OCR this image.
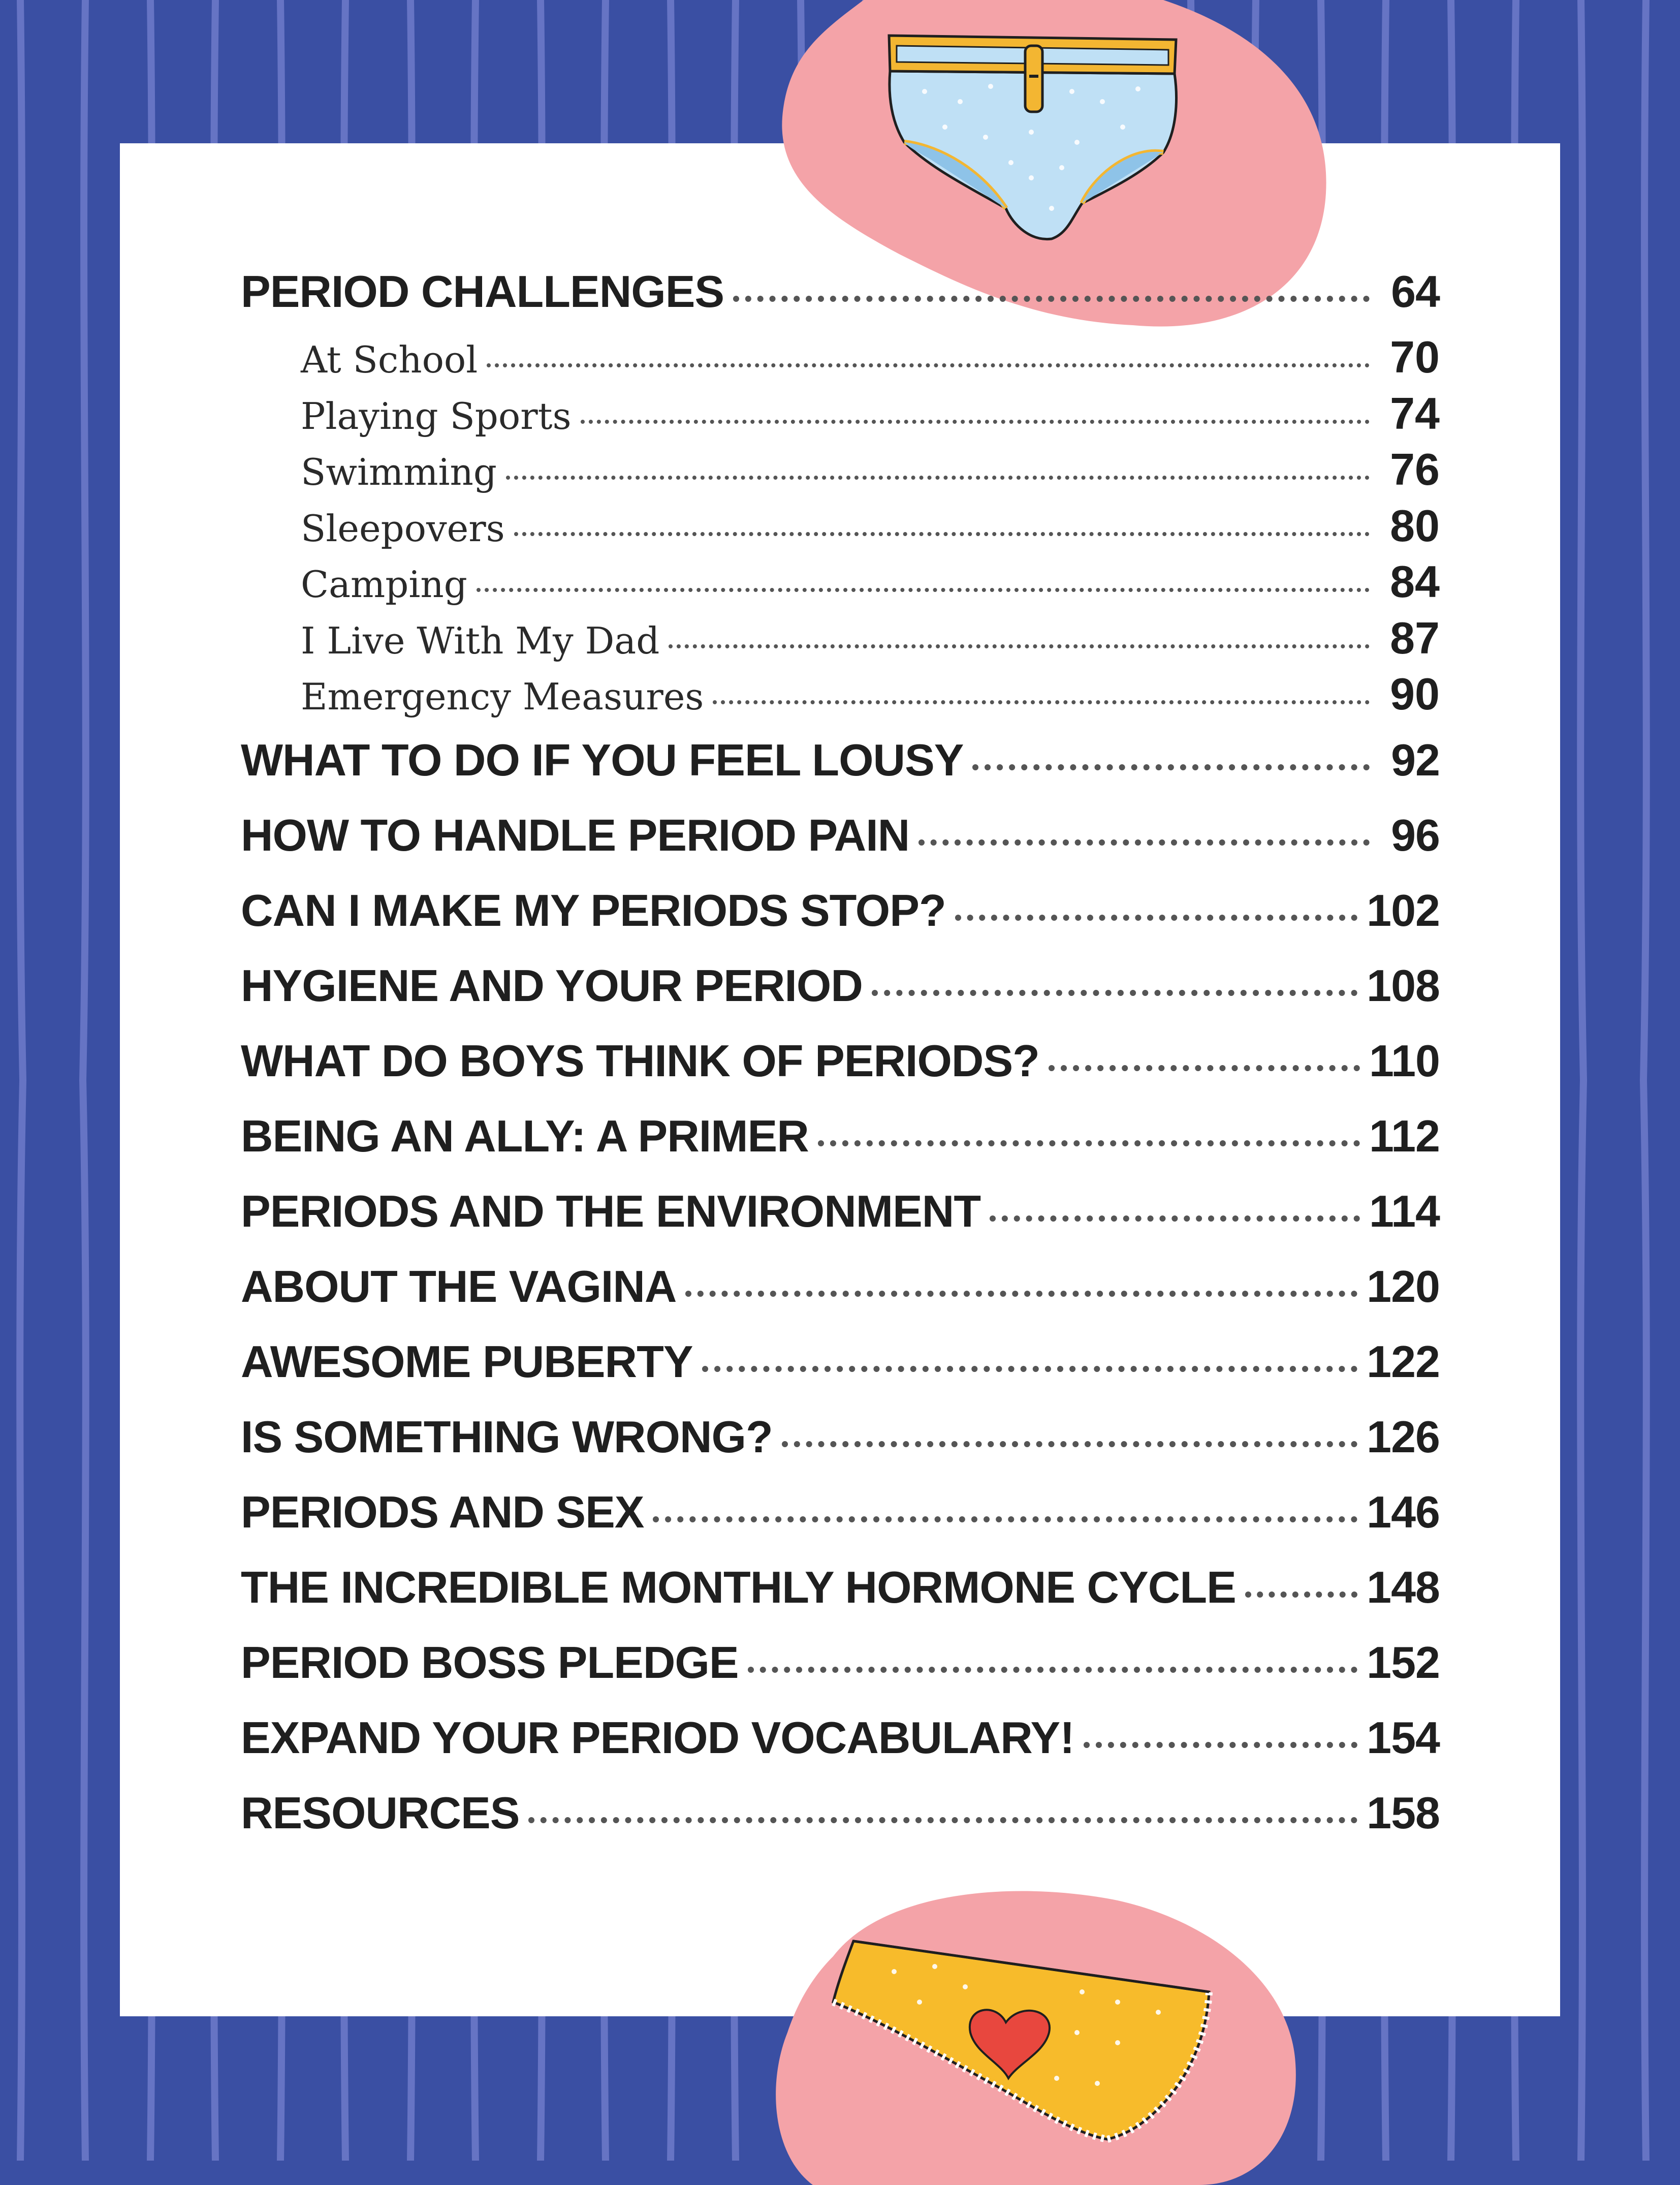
PERIOD CHALLENGES	64
At School	70
Playing Sports	74
Swimming	76
Sleepovers	80
Camping	84
I Live With My Dad	87
Emergency Measures	90
WHAT TO DO IF YOU FEEL LOUSY	92
HOW TO HANDLE PERIOD PAIN	96
CAN I MAKE MY PERIODS STOP?	102
HYGIENE AND YOUR PERIOD	108
WHAT DO BOYS THINK OF PERIODS?	110
BEING AN ALLY: A PRIMER	112
PERIODS AND THE ENVIRONMENT	114
ABOUT THE VAGINA	120
AWESOME PUBERTY	122
IS SOMETHING WRONG?	126
PERIODS AND SEX	146
THE INCREDIBLE MONTHLY HORMONE CYCLE	148
PERIOD BOSS PLEDGE	152
EXPAND YOUR PERIOD VOCABULARY!	154
RESOURCES	158
